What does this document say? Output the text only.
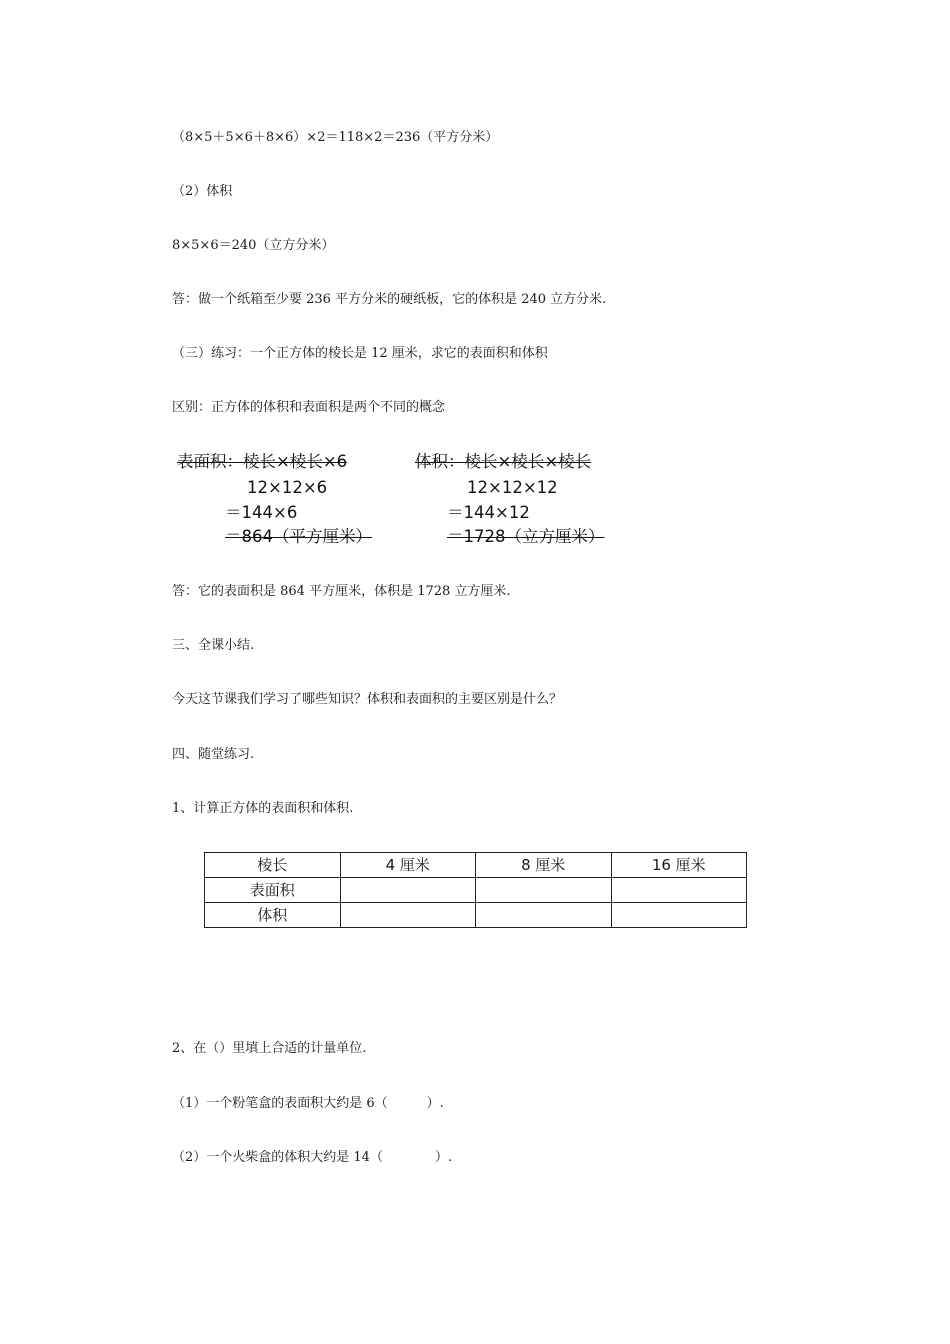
（8×5＋5×6＋8×6）×2＝118×2＝236（平方分米）
（2）体积
8×5×6＝240（立方分米）
答：做一个纸箱至少要 236 平方分米的硬纸板，它的体积是 240 立方分米.
（三）练习：一个正方体的棱长是 12 厘米，求它的表面积和体积
区别：正方体的体积和表面积是两个不同的概念
表面积：棱长×棱长×6
12×12×6
＝144×6
＝864（平方厘米）
体积：棱长×棱长×棱长
12×12×12
＝144×12
＝1728（立方厘米）
答：它的表面积是 864 平方厘米，体积是 1728 立方厘米.
三、全课小结.
今天这节课我们学习了哪些知识？体积和表面积的主要区别是什么？
四、随堂练习.
1、计算正方体的表面积和体积.
棱长	4 厘米	8 厘米	16 厘米
表面积			
体积			
2、在（）里填上合适的计量单位.
（1）一个粉笔盒的表面积大约是 6（　　　）.
（2）一个火柴盒的体积大约是 14（　　　　）.
